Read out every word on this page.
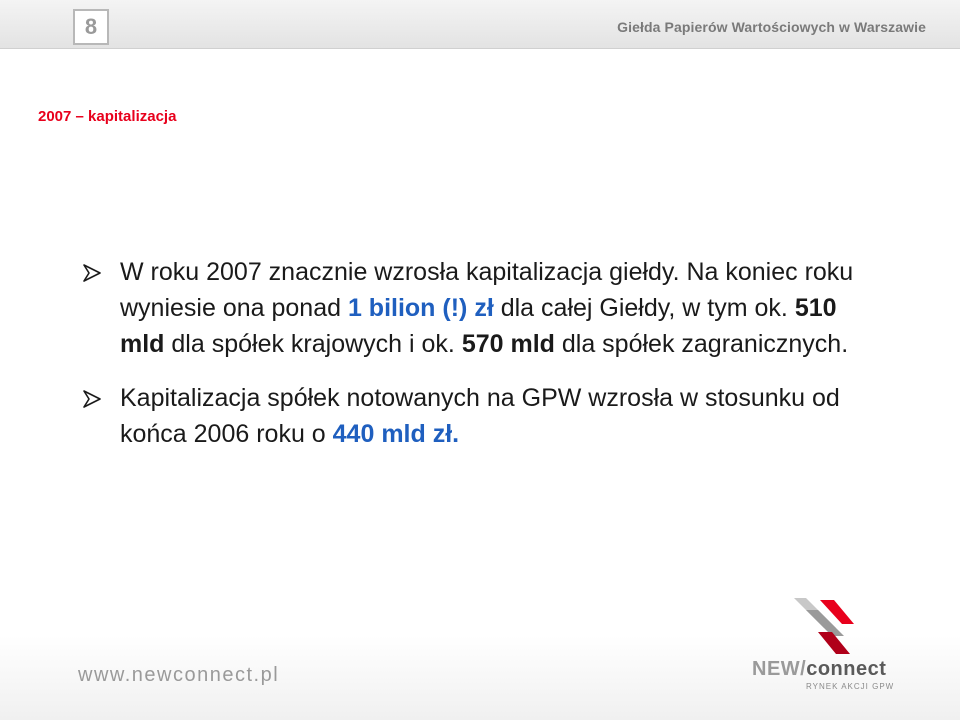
8	Giełda Papierów Wartościowych w Warszawie
2007 – kapitalizacja
W roku 2007 znacznie wzrosła kapitalizacja giełdy. Na koniec roku wyniesie ona ponad 1 bilion (!) zł dla całej Giełdy, w tym ok. 510 mld dla spółek krajowych i ok. 570 mld dla spółek zagranicznych.
Kapitalizacja spółek notowanych na GPW wzrosła w stosunku od końca 2006 roku o 440 mld zł.
www.newconnect.pl	NEW/connect
RYNEK AKCJI GPW
